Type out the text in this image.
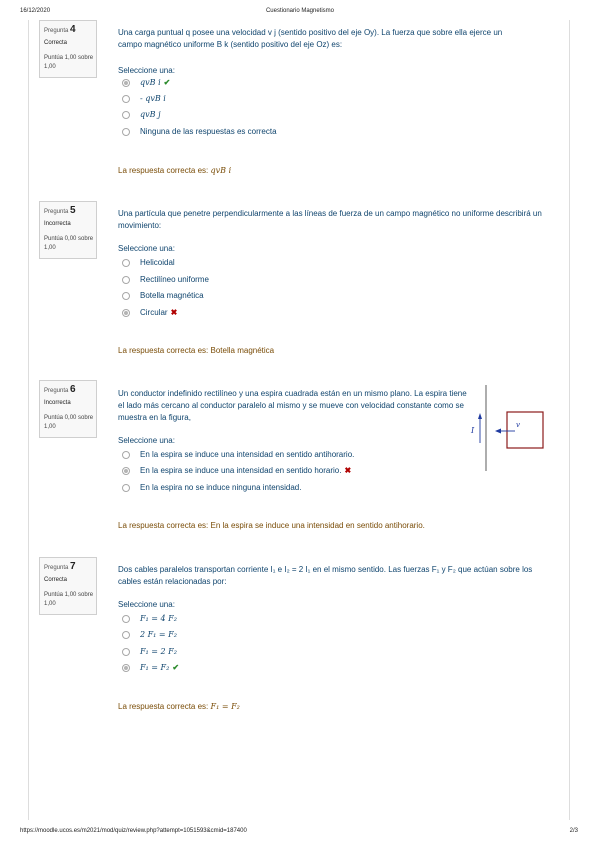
16/12/2020	Cuestionario Magnetismo
Pregunta 4
Correcta
Puntúa 1,00 sobre 1,00
Una carga puntual q posee una velocidad v j (sentido positivo del eje Oy). La fuerza que sobre ella ejerce un campo magnético uniforme B k (sentido positivo del eje Oz) es:
Seleccione una:
qvB i ✔
- qvB i
qvB j
Ninguna de las respuestas es correcta
La respuesta correcta es: qvB i
Pregunta 5
Incorrecta
Puntúa 0,00 sobre 1,00
Una partícula que penetre perpendicularmente a las líneas de fuerza de un campo magnético no uniforme describirá un movimiento:
Seleccione una:
Helicoidal
Rectilíneo uniforme
Botella magnética
Circular ✖
La respuesta correcta es: Botella magnética
Pregunta 6
Incorrecta
Puntúa 0,00 sobre 1,00
Un conductor indefinido rectilíneo y una espira cuadrada están en un mismo plano. La espira tiene el lado más cercano al conductor paralelo al mismo y se mueve con velocidad constante como se muestra en la figura,
I
v
Seleccione una:
En la espira se induce una intensidad en sentido antihorario.
En la espira se induce una intensidad en sentido horario. ✖
En la espira no se induce ninguna intensidad.
La respuesta correcta es: En la espira se induce una intensidad en sentido antihorario.
Pregunta 7
Correcta
Puntúa 1,00 sobre 1,00
Dos cables paralelos transportan corriente I₁ e I₂ = 2 I₁ en el mismo sentido. Las fuerzas F₁ y F₂ que actúan sobre los cables están relacionadas por:
Seleccione una:
F₁ = 4 F₂
2 F₁ = F₂
F₁ = 2 F₂
F₁ = F₂ ✔
La respuesta correcta es: F₁ = F₂
https://moodle.ucos.es/m2021/mod/quiz/review.php?attempt=1051593&cmid=187400	2/3
